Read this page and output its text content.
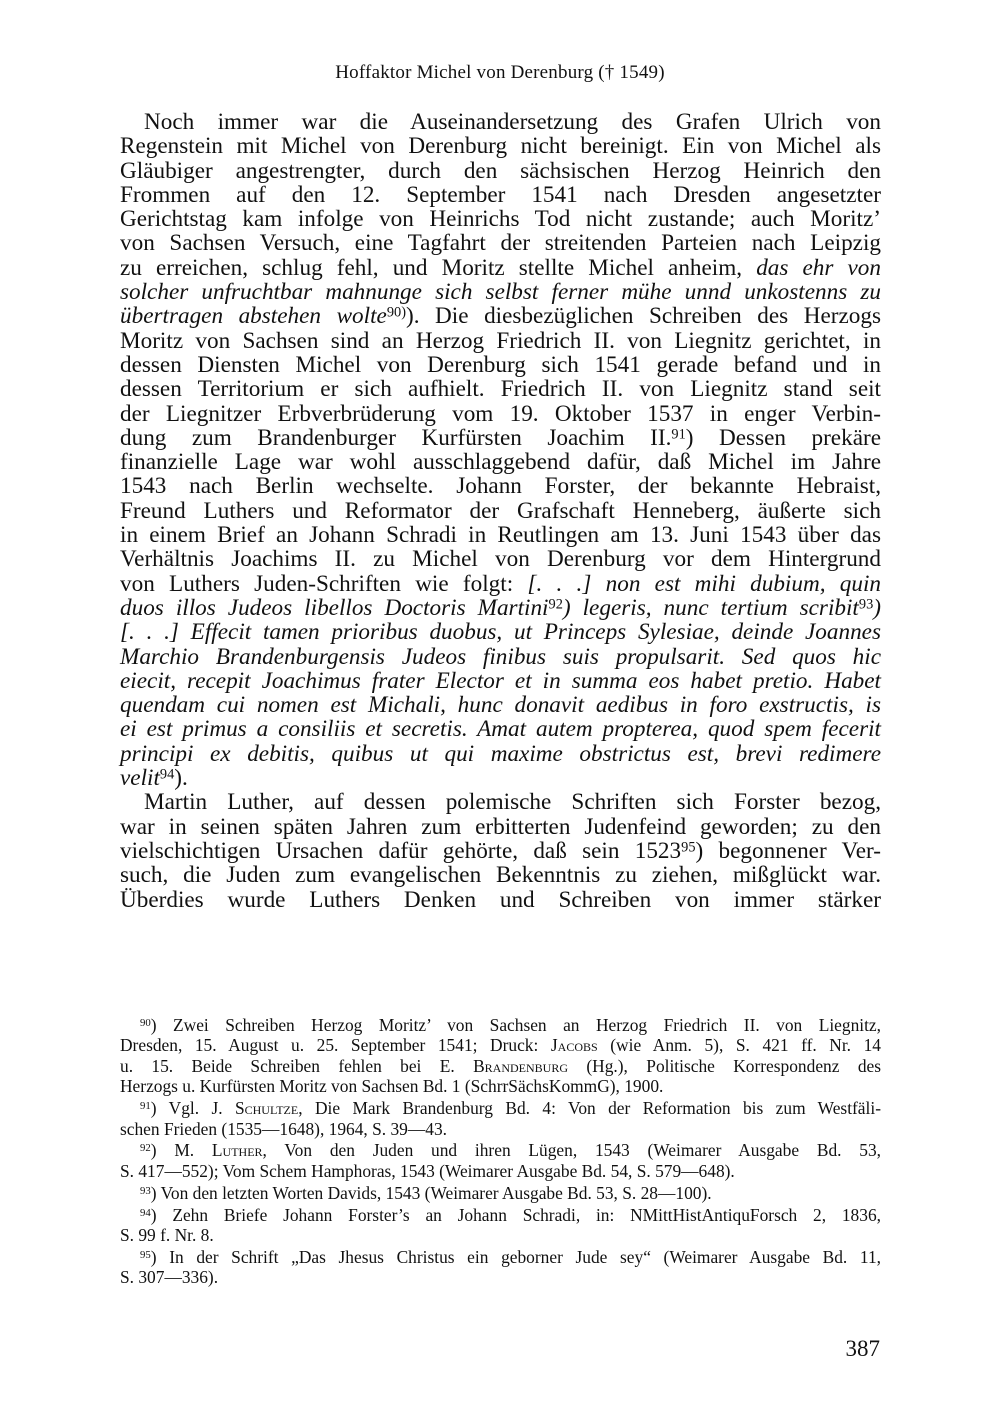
Hoffaktor Michel von Derenburg († 1549)
Noch immer war die Auseinandersetzung des Grafen Ulrich von
Regenstein mit Michel von Derenburg nicht bereinigt. Ein von Michel als
Gläubiger angestrengter, durch den sächsischen Herzog Heinrich den
Frommen auf den 12. September 1541 nach Dresden angesetzter
Gerichtstag kam infolge von Heinrichs Tod nicht zustande; auch Moritz’
von Sachsen Versuch, eine Tagfahrt der streitenden Parteien nach Leipzig
zu erreichen, schlug fehl, und Moritz stellte Michel anheim, das ehr von
solcher unfruchtbar mahnunge sich selbst ferner mühe unnd unkostenns zu
übertragen abstehen wolte$^{90)}$). Die diesbezüglichen Schreiben des Herzogs
Moritz von Sachsen sind an Herzog Friedrich II. von Liegnitz gerichtet, in
dessen Diensten Michel von Derenburg sich 1541 gerade befand und in
dessen Territorium er sich aufhielt. Friedrich II. von Liegnitz stand seit
der Liegnitzer Erbverbrüderung vom 19. Oktober 1537 in enger Verbin-
dung zum Brandenburger Kurfürsten Joachim II.$^{91}$) Dessen prekäre
finanzielle Lage war wohl ausschlaggebend dafür, daß Michel im Jahre
1543 nach Berlin wechselte. Johann Forster, der bekannte Hebraist,
Freund Luthers und Reformator der Grafschaft Henneberg, äußerte sich
in einem Brief an Johann Schradi in Reutlingen am 13. Juni 1543 über das
Verhältnis Joachims II. zu Michel von Derenburg vor dem Hintergrund
von Luthers Juden-Schriften wie folgt: [. . .] non est mihi dubium, quin
duos illos Judeos libellos Doctoris Martini$^{92}$) legeris, nunc tertium scribit$^{93}$)
[. . .] Effecit tamen prioribus duobus, ut Princeps Sylesiae, deinde Joannes
Marchio Brandenburgensis Judeos finibus suis propulsarit. Sed quos hic
eiecit, recepit Joachimus frater Elector et in summa eos habet pretio. Habet
quendam cui nomen est Michali, hunc donavit aedibus in foro exstructis, is
ei est primus a consiliis et secretis. Amat autem propterea, quod spem fecerit
principi ex debitis, quibus ut qui maxime obstrictus est, brevi redimere
velit$^{94}$).
Martin Luther, auf dessen polemische Schriften sich Forster bezog,
war in seinen späten Jahren zum erbitterten Judenfeind geworden; zu den
vielschichtigen Ursachen dafür gehörte, daß sein 1523$^{95}$) begonnener Ver-
such, die Juden zum evangelischen Bekenntnis zu ziehen, mißglückt war.
Überdies wurde Luthers Denken und Schreiben von immer stärker
$^{90}$) Zwei Schreiben Herzog Moritz’ von Sachsen an Herzog Friedrich II. von Liegnitz,
Dresden, 15. August u. 25. September 1541; Druck: Jacobs (wie Anm. 5), S. 421 ff. Nr. 14
u. 15. Beide Schreiben fehlen bei E. Brandenburg (Hg.), Politische Korrespondenz des
Herzogs u. Kurfürsten Moritz von Sachsen Bd. 1 (SchrrSächsKommG), 1900.
$^{91}$) Vgl. J. Schultze, Die Mark Brandenburg Bd. 4: Von der Reformation bis zum Westfäli-
schen Frieden (1535—1648), 1964, S. 39—43.
$^{92}$) M. Luther, Von den Juden und ihren Lügen, 1543 (Weimarer Ausgabe Bd. 53,
S. 417—552); Vom Schem Hamphoras, 1543 (Weimarer Ausgabe Bd. 54, S. 579—648).
$^{93}$) Von den letzten Worten Davids, 1543 (Weimarer Ausgabe Bd. 53, S. 28—100).
$^{94}$) Zehn Briefe Johann Forster’s an Johann Schradi, in: NMittHistAntiquForsch 2, 1836,
S. 99 f. Nr. 8.
$^{95}$) In der Schrift „Das Jhesus Christus ein geborner Jude sey“ (Weimarer Ausgabe Bd. 11,
S. 307—336).
387
